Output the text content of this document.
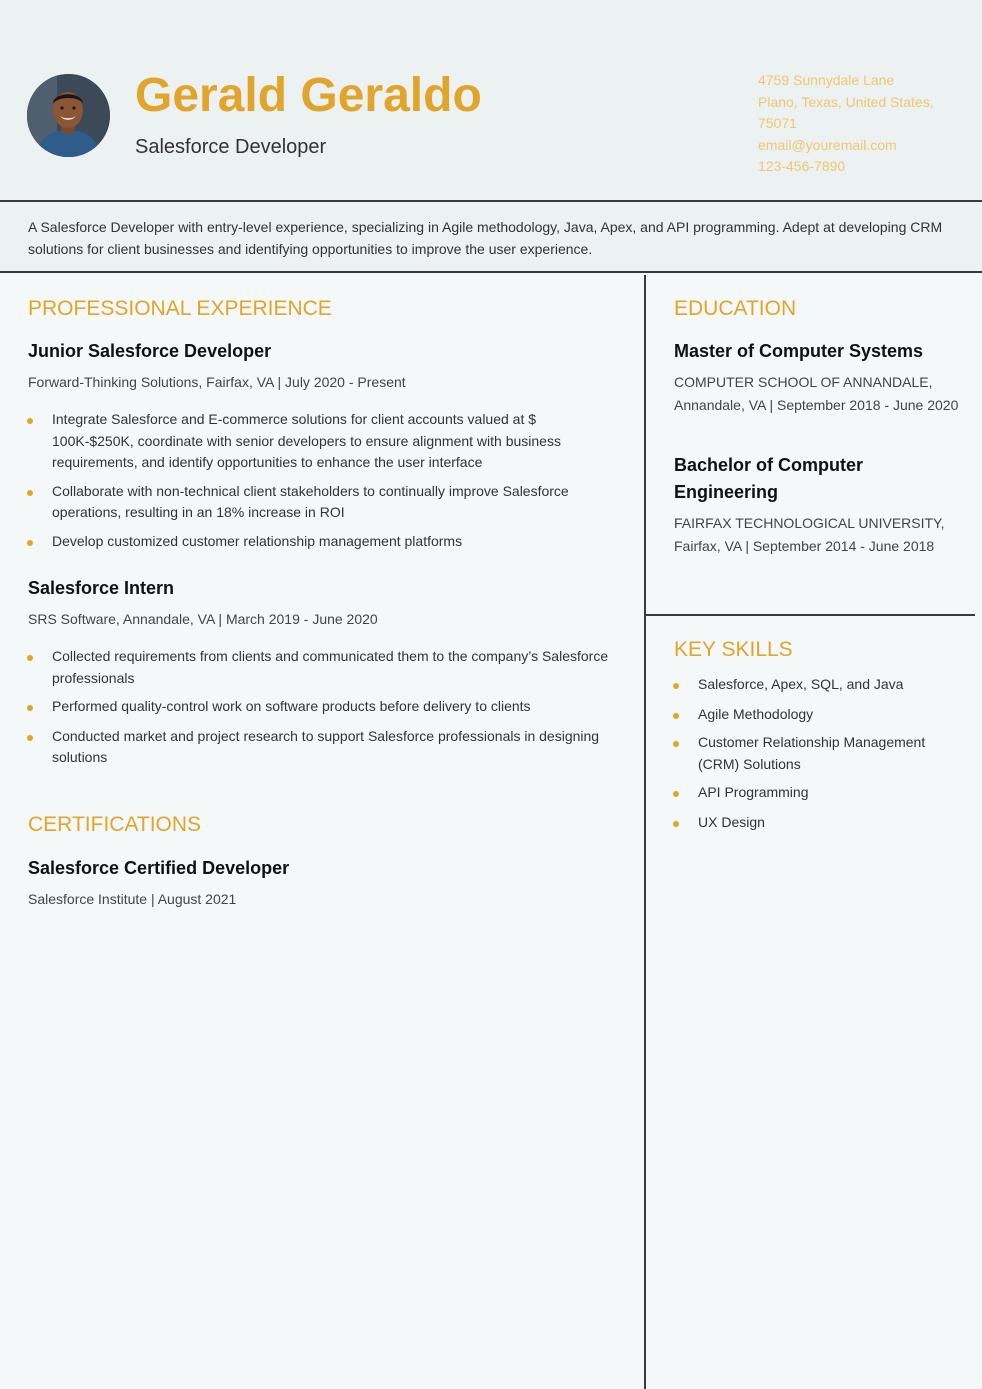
Gerald Geraldo
Salesforce Developer
4759 Sunnydale Lane
Plano, Texas, United States,
75071
email@youremail.com
123-456-7890

A Salesforce Developer with entry-level experience, specializing in Agile methodology, Java, Apex, and API programming. Adept at developing CRM solutions for client businesses and identifying opportunities to improve the user experience.

PROFESSIONAL EXPERIENCE
Junior Salesforce Developer
Forward-Thinking Solutions, Fairfax, VA | July 2020 - Present
Integrate Salesforce and E-commerce solutions for client accounts valued at $ 100K-$250K, coordinate with senior developers to ensure alignment with business requirements, and identify opportunities to enhance the user interface
Collaborate with non-technical client stakeholders to continually improve Salesforce operations, resulting in an 18% increase in ROI
Develop customized customer relationship management platforms
Salesforce Intern
SRS Software, Annandale, VA | March 2019 - June 2020
Collected requirements from clients and communicated them to the company’s Salesforce professionals
Performed quality-control work on software products before delivery to clients
Conducted market and project research to support Salesforce professionals in designing solutions
CERTIFICATIONS
Salesforce Certified Developer
Salesforce Institute | August 2021
EDUCATION
Master of Computer Systems
COMPUTER SCHOOL OF ANNANDALE,
Annandale, VA | September 2018 - June 2020
Bachelor of Computer
Engineering
FAIRFAX TECHNOLOGICAL UNIVERSITY,
Fairfax, VA | September 2014 - June 2018
KEY SKILLS
Salesforce, Apex, SQL, and Java
Agile Methodology
Customer Relationship Management (CRM) Solutions
API Programming
UX Design
